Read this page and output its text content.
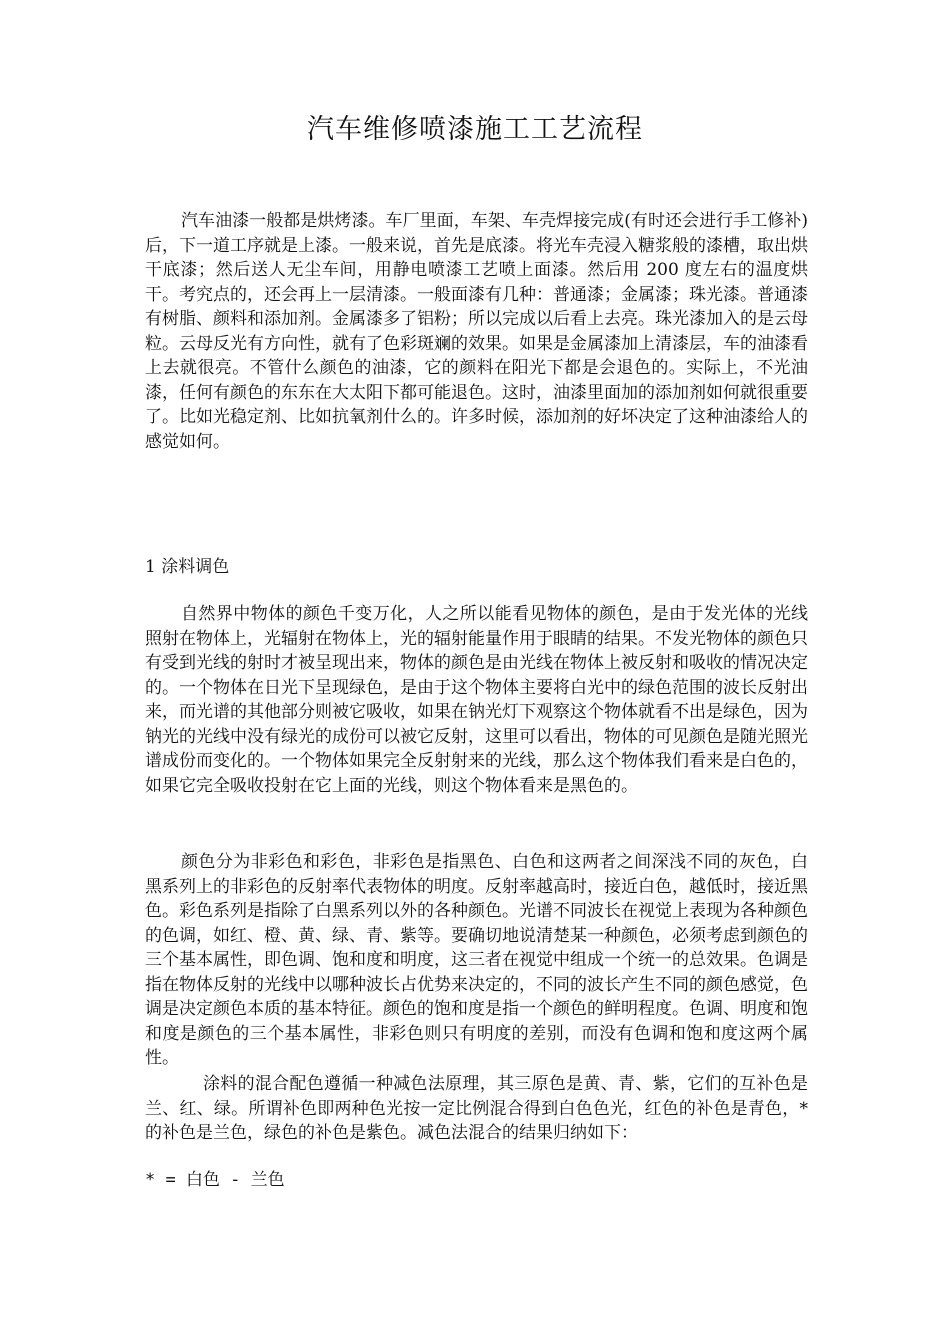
汽车维修喷漆施工工艺流程

汽车油漆一般都是烘烤漆。车厂里面，车架、车壳焊接完成(有时还会进行手工修补)后，下一道工序就是上漆。一般来说，首先是底漆。将光车壳浸入糖浆般的漆槽，取出烘干底漆；然后送人无尘车间，用静电喷漆工艺喷上面漆。然后用 200 度左右的温度烘干。考究点的，还会再上一层清漆。一般面漆有几种：普通漆；金属漆；珠光漆。普通漆有树脂、颜料和添加剂。金属漆多了铝粉；所以完成以后看上去亮。珠光漆加入的是云母粒。云母反光有方向性，就有了色彩斑斓的效果。如果是金属漆加上清漆层，车的油漆看上去就很亮。不管什么颜色的油漆，它的颜料在阳光下都是会退色的。实际上，不光油漆，任何有颜色的东东在大太阳下都可能退色。这时，油漆里面加的添加剂如何就很重要了。比如光稳定剂、比如抗氧剂什么的。许多时候，添加剂的好坏决定了这种油漆给人的感觉如何。

1 涂料调色

自然界中物体的颜色千变万化，人之所以能看见物体的颜色，是由于发光体的光线照射在物体上，光辐射在物体上，光的辐射能量作用于眼睛的结果。不发光物体的颜色只有受到光线的射时才被呈现出来，物体的颜色是由光线在物体上被反射和吸收的情况决定的。一个物体在日光下呈现绿色，是由于这个物体主要将白光中的绿色范围的波长反射出来，而光谱的其他部分则被它吸收，如果在钠光灯下观察这个物体就看不出是绿色，因为钠光的光线中没有绿光的成份可以被它反射，这里可以看出，物体的可见颜色是随光照光谱成份而变化的。一个物体如果完全反射射来的光线，那么这个物体我们看来是白色的，如果它完全吸收投射在它上面的光线，则这个物体看来是黑色的。

颜色分为非彩色和彩色，非彩色是指黑色、白色和这两者之间深浅不同的灰色，白黑系列上的非彩色的反射率代表物体的明度。反射率越高时，接近白色，越低时，接近黑色。彩色系列是指除了白黑系列以外的各种颜色。光谱不同波长在视觉上表现为各种颜色的色调，如红、橙、黄、绿、青、紫等。要确切地说清楚某一种颜色，必须考虑到颜色的三个基本属性，即色调、饱和度和明度，这三者在视觉中组成一个统一的总效果。色调是指在物体反射的光线中以哪种波长占优势来决定的，不同的波长产生不同的颜色感觉，色调是决定颜色本质的基本特征。颜色的饱和度是指一个颜色的鲜明程度。色调、明度和饱和度是颜色的三个基本属性，非彩色则只有明度的差别，而没有色调和饱和度这两个属性。

涂料的混合配色遵循一种减色法原理，其三原色是黄、青、紫，它们的互补色是兰、红、绿。所谓补色即两种色光按一定比例混合得到白色色光，红色的补色是青色，*的补色是兰色，绿色的补色是紫色。减色法混合的结果归纳如下：

* = 白色 - 兰色
